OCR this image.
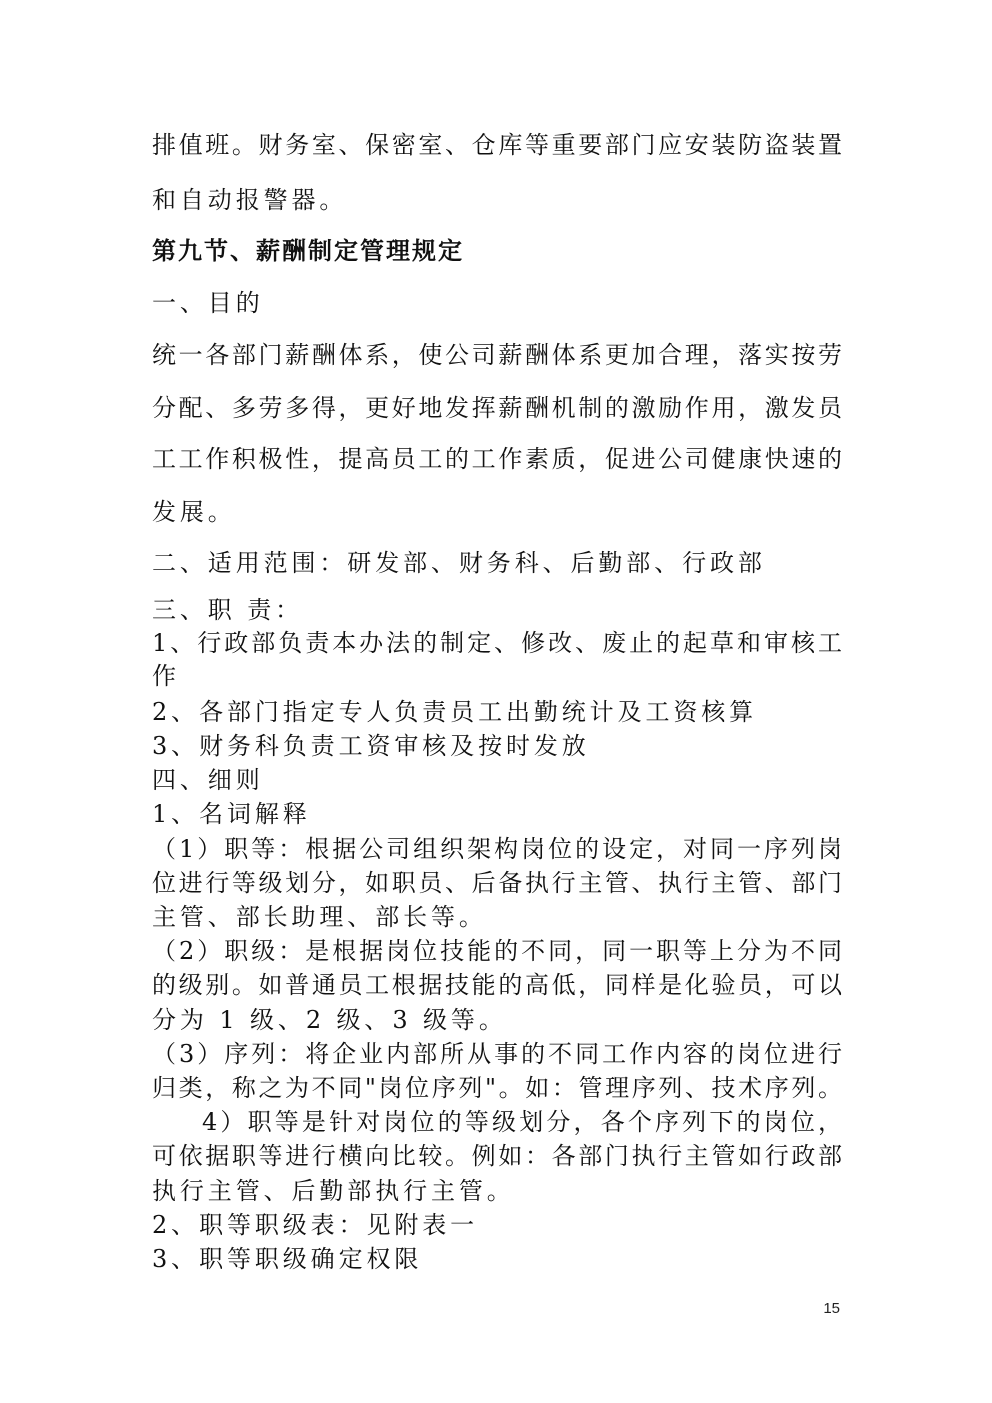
排值班。财务室、保密室、仓库等重要部门应安装防盗装置

和自动报警器。

第九节、薪酬制定管理规定

一、目的

统一各部门薪酬体系，使公司薪酬体系更加合理，落实按劳

分配、多劳多得，更好地发挥薪酬机制的激励作用，激发员

工工作积极性，提高员工的工作素质，促进公司健康快速的

发展。

二、适用范围：研发部、财务科、后勤部、行政部

三、职 责：

1、行政部负责本办法的制定、修改、废止的起草和审核工

作

2、各部门指定专人负责员工出勤统计及工资核算

3、财务科负责工资审核及按时发放

四、细则

1、名词解释

（1）职等：根据公司组织架构岗位的设定，对同一序列岗

位进行等级划分，如职员、后备执行主管、执行主管、部门

主管、部长助理、部长等。

（2）职级：是根据岗位技能的不同，同一职等上分为不同

的级别。如普通员工根据技能的高低，同样是化验员，可以

分为 1 级、2 级、3 级等。

（3）序列：将企业内部所从事的不同工作内容的岗位进行

归类，称之为不同"岗位序列"。如：管理序列、技术序列。

4）职等是针对岗位的等级划分，各个序列下的岗位，

可依据职等进行横向比较。例如：各部门执行主管如行政部

执行主管、后勤部执行主管。

2、职等职级表：见附表一

3、职等职级确定权限

15
